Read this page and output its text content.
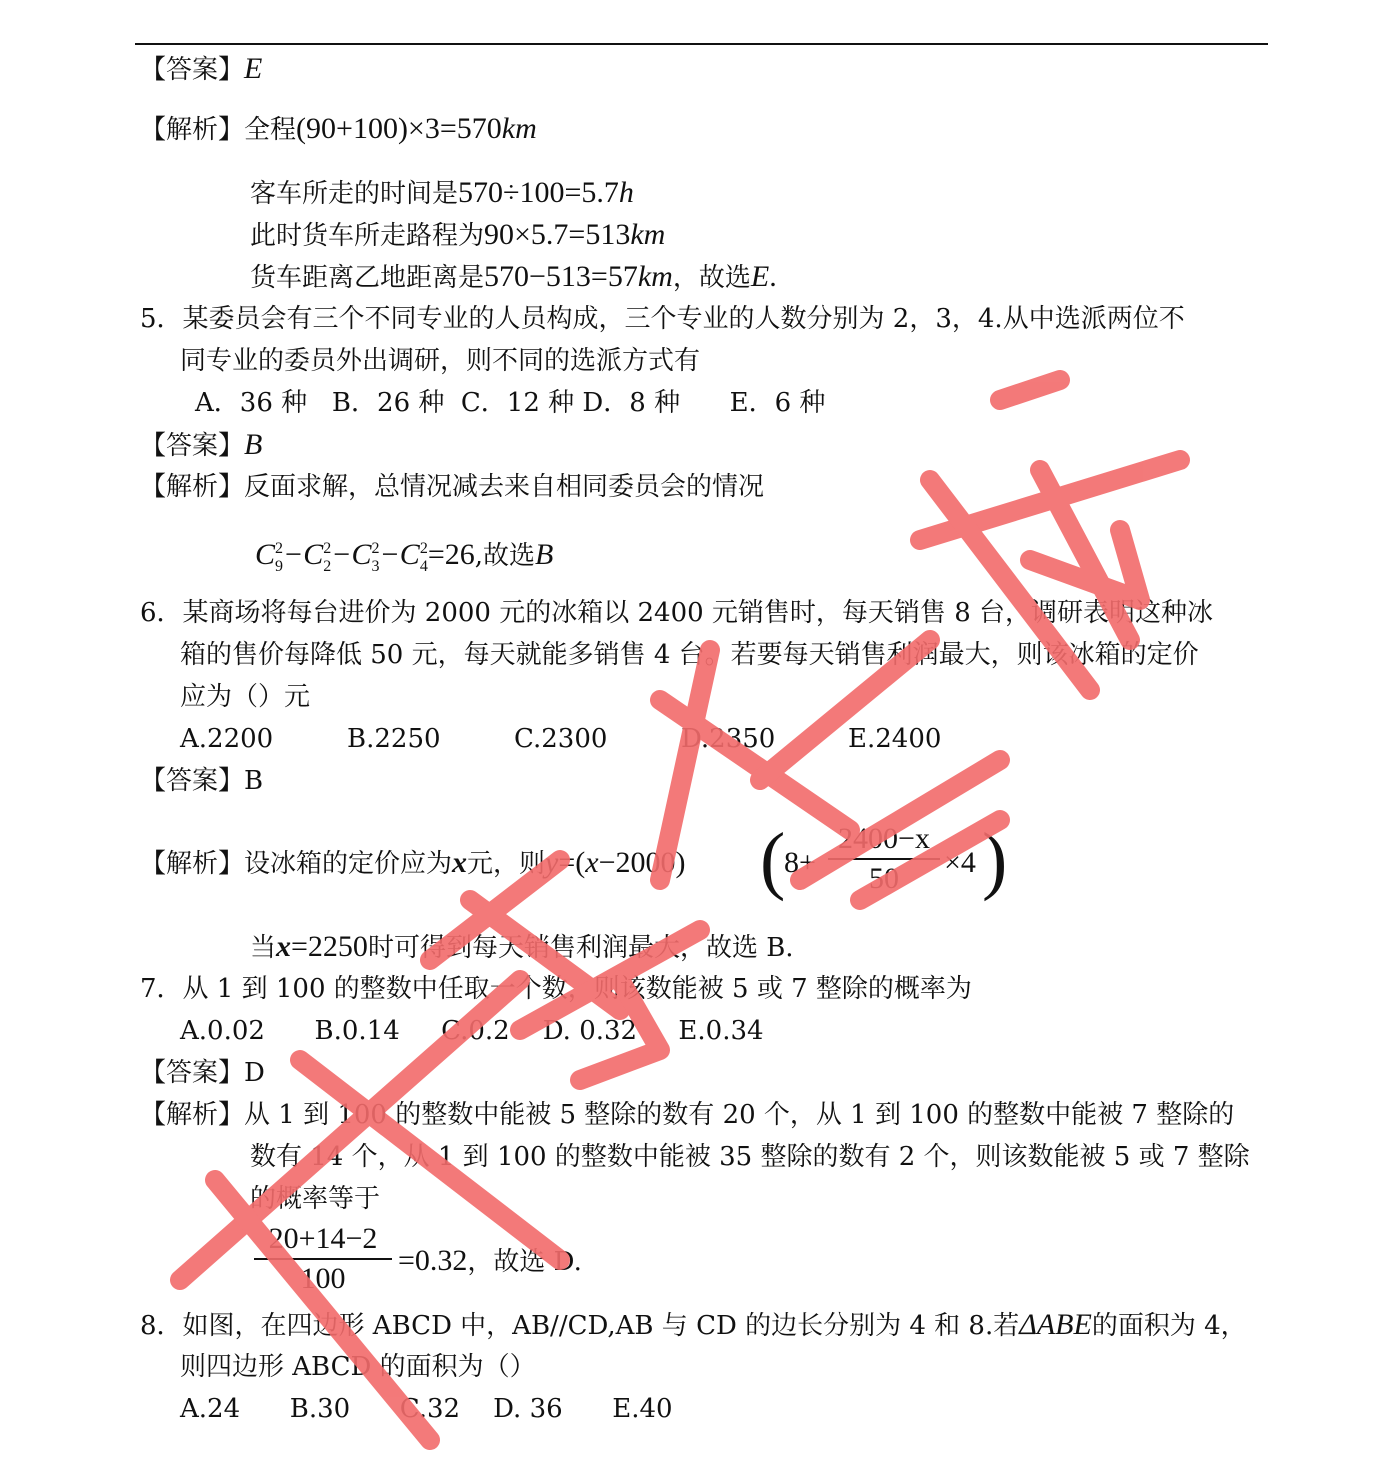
【答案】E
【解析】全程(90+100)×3=570km
客车所走的时间是570÷100=5.7h
此时货车所走路程为90×5.7=513km
货车距离乙地距离是570−513=57km，故选E.
5．某委员会有三个不同专业的人员构成，三个专业的人数分别为 2，3，4.从中选派两位不
同专业的委员外出调研，则不同的选派方式有
A．36 种   B．26 种  C．12 种 D．8 种      E．6 种
【答案】B
【解析】反面求解，总情况减去来自相同委员会的情况
$C^2_9-C^2_2-C^2_3-C^2_4=26$,故选B
6．某商场将每台进价为 2000 元的冰箱以 2400 元销售时，每天销售 8 台，调研表明这种冰
箱的售价每降低 50 元，每天就能多销售 4 台。若要每天销售利润最大，则该冰箱的定价
应为（）元
A.2200	B.2250	C.2300	D.2350	E.2400
【答案】B
【解析】设冰箱的定价应为x元，则y=(x−2000) (
8+
2400−x
50	×4 )
当x=2250时可得到每天销售利润最大，故选 B.
7．从 1 到 100 的整数中任取一个数，则该数能被 5 或 7 整除的概率为
A.0.02      B.0.14     C.0.2    D. 0.32     E.0.34
【答案】D
【解析】从 1 到 100 的整数中能被 5 整除的数有 20 个，从 1 到 100 的整数中能被 7 整除的
数有 14 个，从 1 到 100 的整数中能被 35 整除的数有 2 个，则该数能被 5 或 7 整除
的概率等于
20+14−2
100
=0.32，故选 D.
8．如图，在四边形 ABCD 中，AB//CD,AB 与 CD 的边长分别为 4 和 8.若ΔABE的面积为 4，
则四边形 ABCD 的面积为（）
A.24      B.30      C.32    D. 36      E.40
